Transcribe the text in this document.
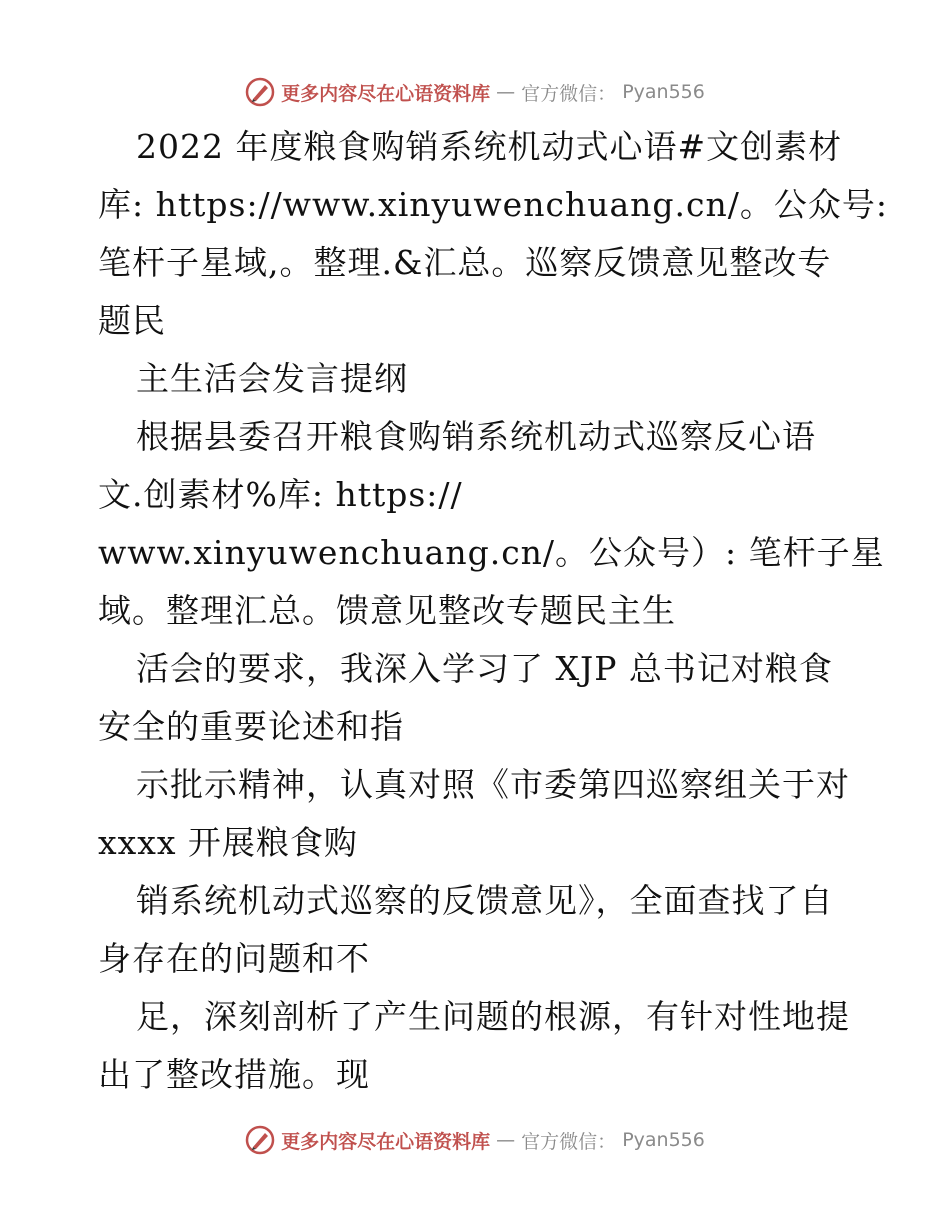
更多内容尽在心语资料库 — 官方微信： Pyan556

2022 年度粮食购销系统机动式心语#文创素材

库: https://www.xinyuwenchuang.cn/。公众号:

笔杆子星域,。整理.&汇总。巡察反馈意见整改专

题民

主生活会发言提纲

根据县委召开粮食购销系统机动式巡察反心语

文.创素材%库: https://

www.xinyuwenchuang.cn/。公众号）: 笔杆子星

域。整理汇总。馈意见整改专题民主生

活会的要求，我深入学习了 XJP 总书记对粮食

安全的重要论述和指

示批示精神，认真对照《市委第四巡察组关于对

xxxx 开展粮食购

销系统机动式巡察的反馈意见》，全面查找了自

身存在的问题和不

足，深刻剖析了产生问题的根源，有针对性地提

出了整改措施。现

更多内容尽在心语资料库 — 官方微信： Pyan556
